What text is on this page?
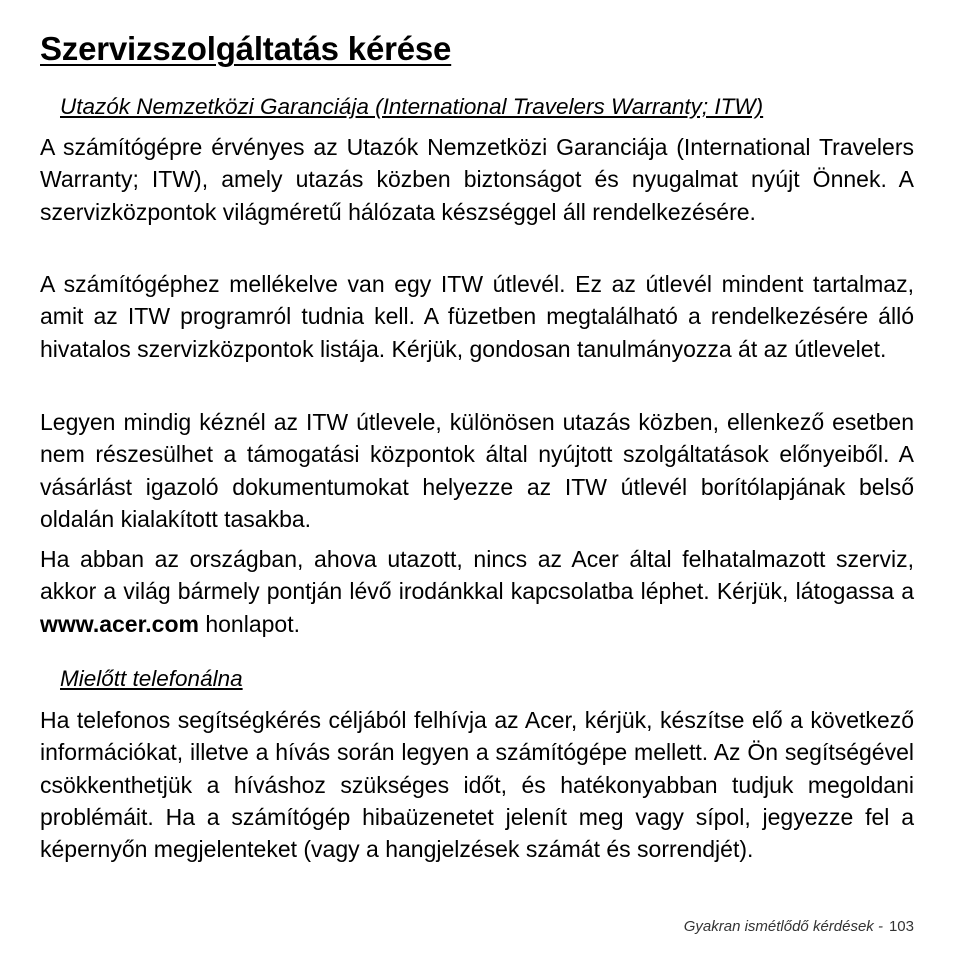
Szervizszolgáltatás kérése
Utazók Nemzetközi Garanciája (International Travelers Warranty; ITW)

A számítógépre érvényes az Utazók Nemzetközi Garanciája (International Travelers Warranty; ITW), amely utazás közben biztonságot és nyugalmat nyújt Önnek. A szervizközpontok világméretű hálózata készséggel áll rendelkezésére.

A számítógéphez mellékelve van egy ITW útlevél. Ez az útlevél mindent tartalmaz, amit az ITW programról tudnia kell. A füzetben megtalálható a rendelkezésére álló hivatalos szervizközpontok listája. Kérjük, gondosan tanulmányozza át az útlevelet.

Legyen mindig kéznél az ITW útlevele, különösen utazás közben, ellenkező esetben nem részesülhet a támogatási központok által nyújtott szolgáltatások előnyeiből. A vásárlást igazoló dokumentumokat helyezze az ITW útlevél borítólapjának belső oldalán kialakított tasakba.

Ha abban az országban, ahova utazott, nincs az Acer által felhatalmazott szerviz, akkor a világ bármely pontján lévő irodánkkal kapcsolatba léphet. Kérjük, látogassa a www.acer.com honlapot.

Mielőtt telefonálna

Ha telefonos segítségkérés céljából felhívja az Acer, kérjük, készítse elő a következő információkat, illetve a hívás során legyen a számítógépe mellett. Az Ön segítségével csökkenthetjük a híváshoz szükséges időt, és hatékonyabban tudjuk megoldani problémáit. Ha a számítógép hibaüzenetet jelenít meg vagy sípol, jegyezze fel a képernyőn megjelenteket (vagy a hangjelzések számát és sorrendjét).

Gyakran ismétlődő kérdések - 103
